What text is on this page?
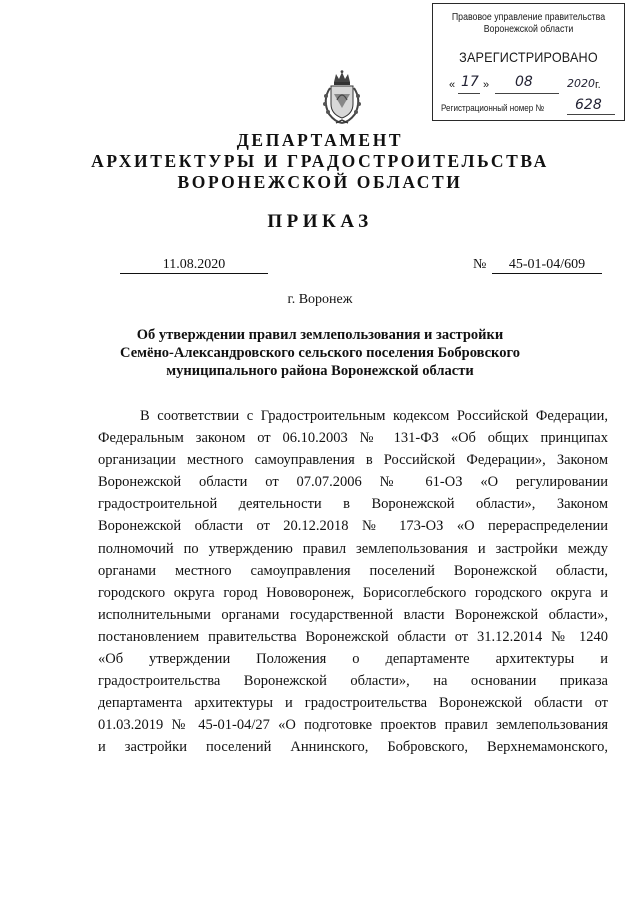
Правовое управление правительства
Воронежской области
ЗАРЕГИСТРИРОВАНО
« 17 » 08	2020 г.
Регистрационный номер № 628
ДЕПАРТАМЕНТ
АРХИТЕКТУРЫ И ГРАДОСТРОИТЕЛЬСТВА
ВОРОНЕЖСКОЙ ОБЛАСТИ
ПРИКАЗ
11.08.2020	№	45-01-04/609
г. Воронеж
Об утверждении правил землепользования и застройки
Семёно-Александровского сельского поселения Бобровского
муниципального района Воронежской области
В соответствии с Градостроительным кодексом Российской Федерации,
Федеральным законом от 06.10.2003 № 131-ФЗ «Об общих принципах
организации местного самоуправления в Российской Федерации», Законом
Воронежской области от 07.07.2006 № 61-ОЗ «О регулировании
градостроительной деятельности в Воронежской области», Законом
Воронежской области от 20.12.2018 № 173-ОЗ «О перераспределении
полномочий по утверждению правил землепользования и застройки между
органами местного самоуправления поселений Воронежской области,
городского округа город Нововоронеж, Борисоглебского городского округа и
исполнительными органами государственной власти Воронежской области»,
постановлением правительства Воронежской области от 31.12.2014 № 1240
«Об утверждении Положения о департаменте архитектуры и
градостроительства Воронежской области», на основании приказа
департамента архитектуры и градостроительства Воронежской области от
01.03.2019 № 45-01-04/27 «О подготовке проектов правил землепользования
и застройки поселений Аннинского, Бобровского, Верхнемамонского,
